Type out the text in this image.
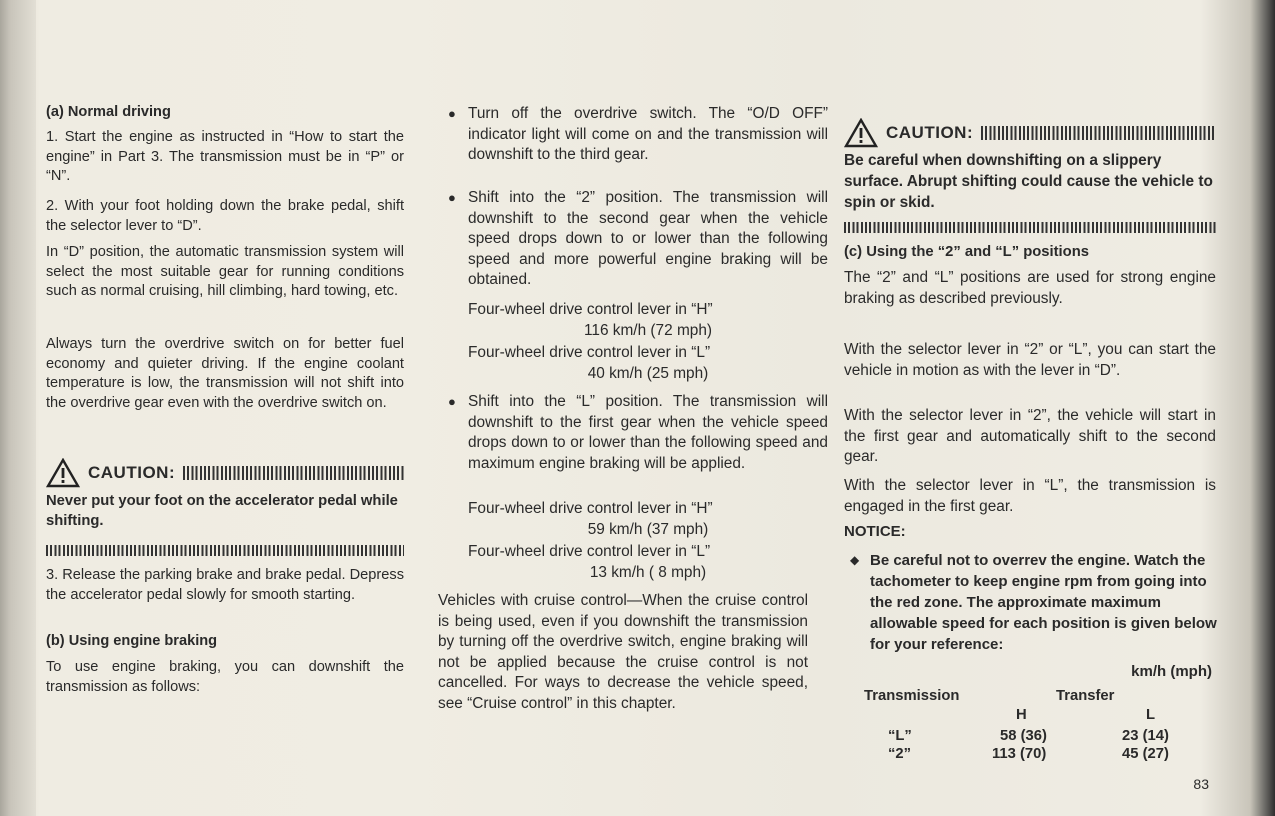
(a) Normal driving

1. Start the engine as instructed in “How to start the engine” in Part 3. The transmission must be in “P” or “N”.

2. With your foot holding down the brake pedal, shift the selector lever to “D”.

In “D” position, the automatic transmission system will select the most suitable gear for running conditions such as normal cruising, hill climbing, hard towing, etc.

Always turn the overdrive switch on for better fuel economy and quieter driving. If the engine coolant temperature is low, the transmission will not shift into the overdrive gear even with the overdrive switch on.

CAUTION:

Never put your foot on the accelerator pedal while shifting.

3. Release the parking brake and brake pedal. Depress the accelerator pedal slowly for smooth starting.

(b) Using engine braking

To use engine braking, you can downshift the transmission as follows:

● Turn off the overdrive switch. The “O/D OFF” indicator light will come on and the transmission will downshift to the third gear.

● Shift into the “2” position. The transmission will downshift to the second gear when the vehicle speed drops down to or lower than the following speed and more powerful engine braking will be obtained.

Four-wheel drive control lever in “H”

116 km/h (72 mph)

Four-wheel drive control lever in “L”

40 km/h (25 mph)

● Shift into the “L” position. The transmission will downshift to the first gear when the vehicle speed drops down to or lower than the following speed and maximum engine braking will be applied.

Four-wheel drive control lever in “H”

59 km/h (37 mph)

Four-wheel drive control lever in “L”

13 km/h ( 8 mph)

Vehicles with cruise control—When the cruise control is being used, even if you downshift the transmission by turning off the overdrive switch, engine braking will not be applied because the cruise control is not cancelled. For ways to decrease the vehicle speed, see “Cruise control” in this chapter.

CAUTION:

Be careful when downshifting on a slippery surface. Abrupt shifting could cause the vehicle to spin or skid.

(c) Using the “2” and “L” positions

The “2” and “L” positions are used for strong engine braking as described previously.

With the selector lever in “2” or “L”, you can start the vehicle in motion as with the lever in “D”.

With the selector lever in “2”, the vehicle will start in the first gear and automatically shift to the second gear.

With the selector lever in “L”, the transmission is engaged in the first gear.

NOTICE:

◆ Be careful not to overrev the engine. Watch the tachometer to keep engine rpm from going into the red zone. The approximate maximum allowable speed for each position is given below for your reference:

km/h (mph)

Transmission	Transfer
H	L
“L”	58 (36)	23 (14)
“2”	113 (70)	45 (27)
83
